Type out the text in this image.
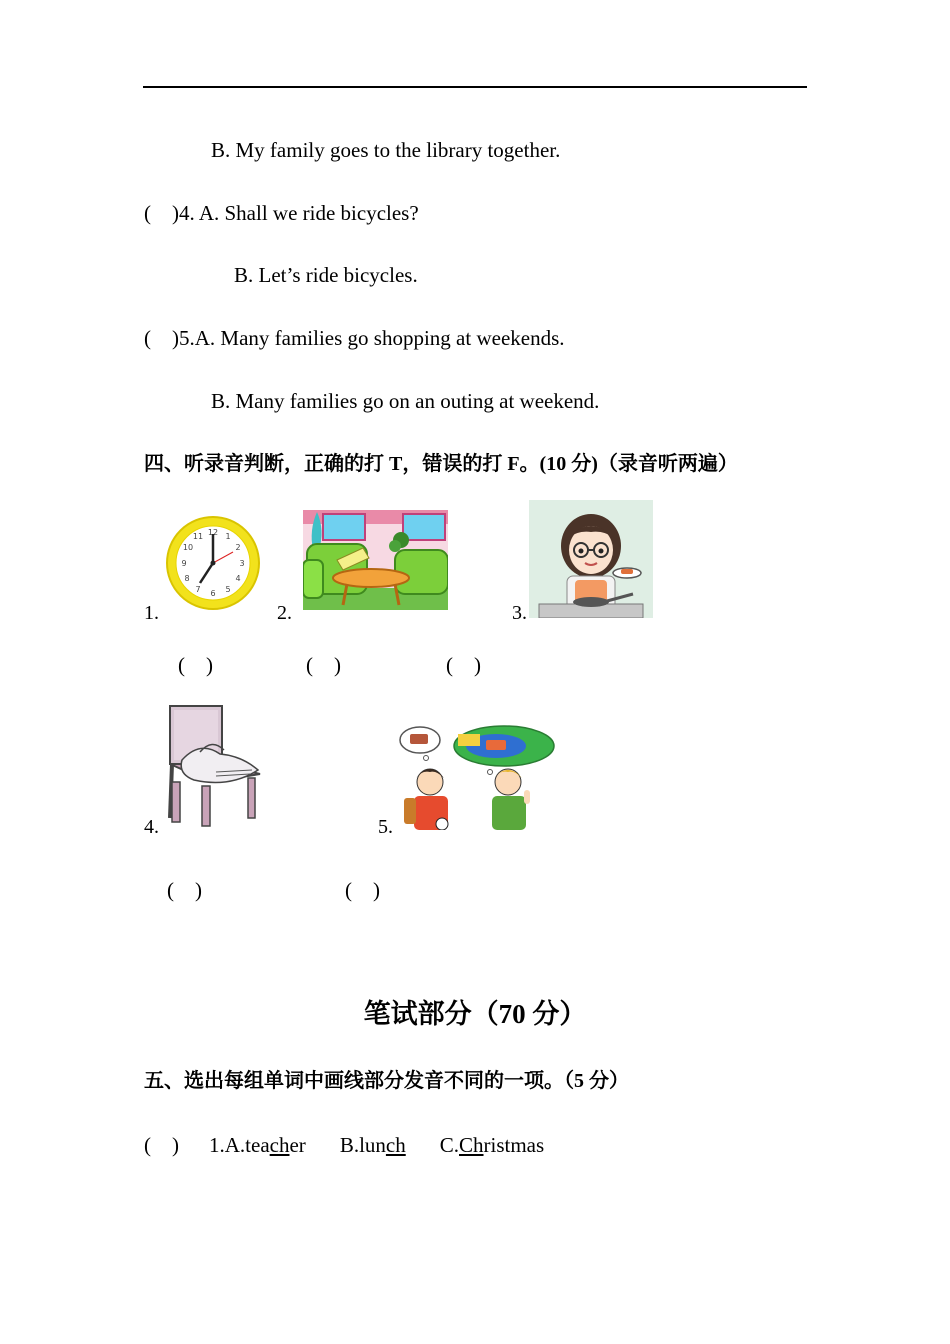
B. My family goes to the library together.
(    )4. A. Shall we ride bicycles?
B. Let’s ride bicycles.
(    )5.A. Many families go shopping at weekends.
B. Many families go on an outing at weekend.
四、听录音判断，正确的打 T，错误的打 F。(10 分)（录音听两遍）
1.
12 1
2
3
4
5
6
7
8
9
10
11
(    )
2.
(    )
3.
(    )
4.
(    )
5.
(    )
笔试部分（70 分）
五、选出每组单词中画线部分发音不同的一项。（5 分）
(    ) 1.A.teacher B.lunch C.Christmas
